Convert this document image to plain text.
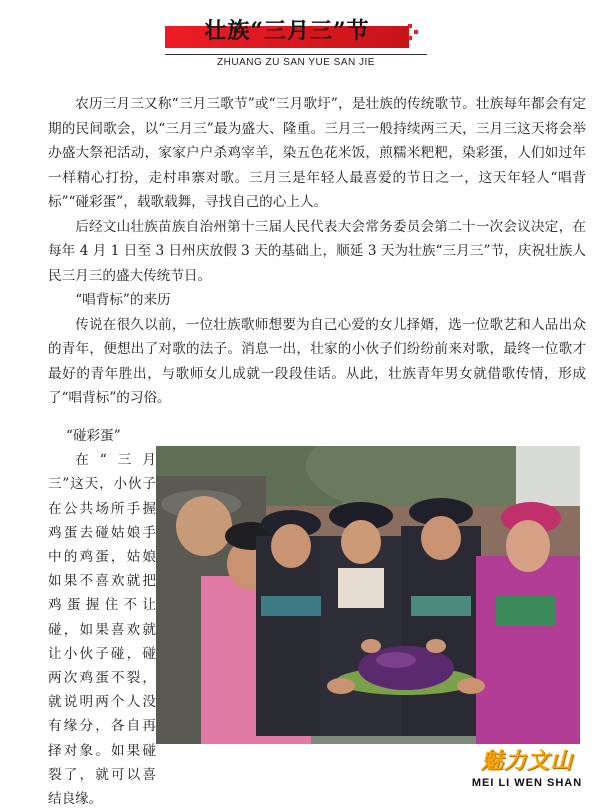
壮族“三月三”节
ZHUANG ZU SAN YUE SAN JIE

农历三月三又称“三月三歌节”或“三月歌圩”，是壮族的传统歌节。壮族每年都会有定期的民间歌会，以“三月三”最为盛大、隆重。三月三一般持续两三天，三月三这天将会举办盛大祭祀活动，家家户户杀鸡宰羊，染五色花米饭，煎糯米粑粑，染彩蛋，人们如过年一样精心打扮，走村串寨对歌。三月三是年轻人最喜爱的节日之一，这天年轻人“唱背标”“碰彩蛋”，载歌载舞，寻找自己的心上人。

后经文山壮族苗族自治州第十三届人民代表大会常务委员会第二十一次会议决定，在每年 4 月 1 日至 3 日州庆放假 3 天的基础上，顺延 3 天为壮族“三月三”节，庆祝壮族人民三月三的盛大传统节日。

“唱背标”的来历

传说在很久以前，一位壮族歌师想要为自己心爱的女儿择婿，选一位歌艺和人品出众的青年，便想出了对歌的法子。消息一出，壮家的小伙子们纷纷前来对歌，最终一位歌才最好的青年胜出，与歌师女儿成就一段段佳话。从此，壮族青年男女就借歌传情，形成了“唱背标”的习俗。

“碰彩蛋”

在“三月三”这天，小伙子在公共场所手握鸡蛋去碰姑娘手中的鸡蛋，姑娘如果不喜欢就把鸡蛋握住不让碰，如果喜欢就让小伙子碰，碰两次鸡蛋不裂，就说明两个人没有缘分，各自再择对象。如果碰裂了，就可以喜结良缘。

魅力文山
MEI LI WEN SHAN
